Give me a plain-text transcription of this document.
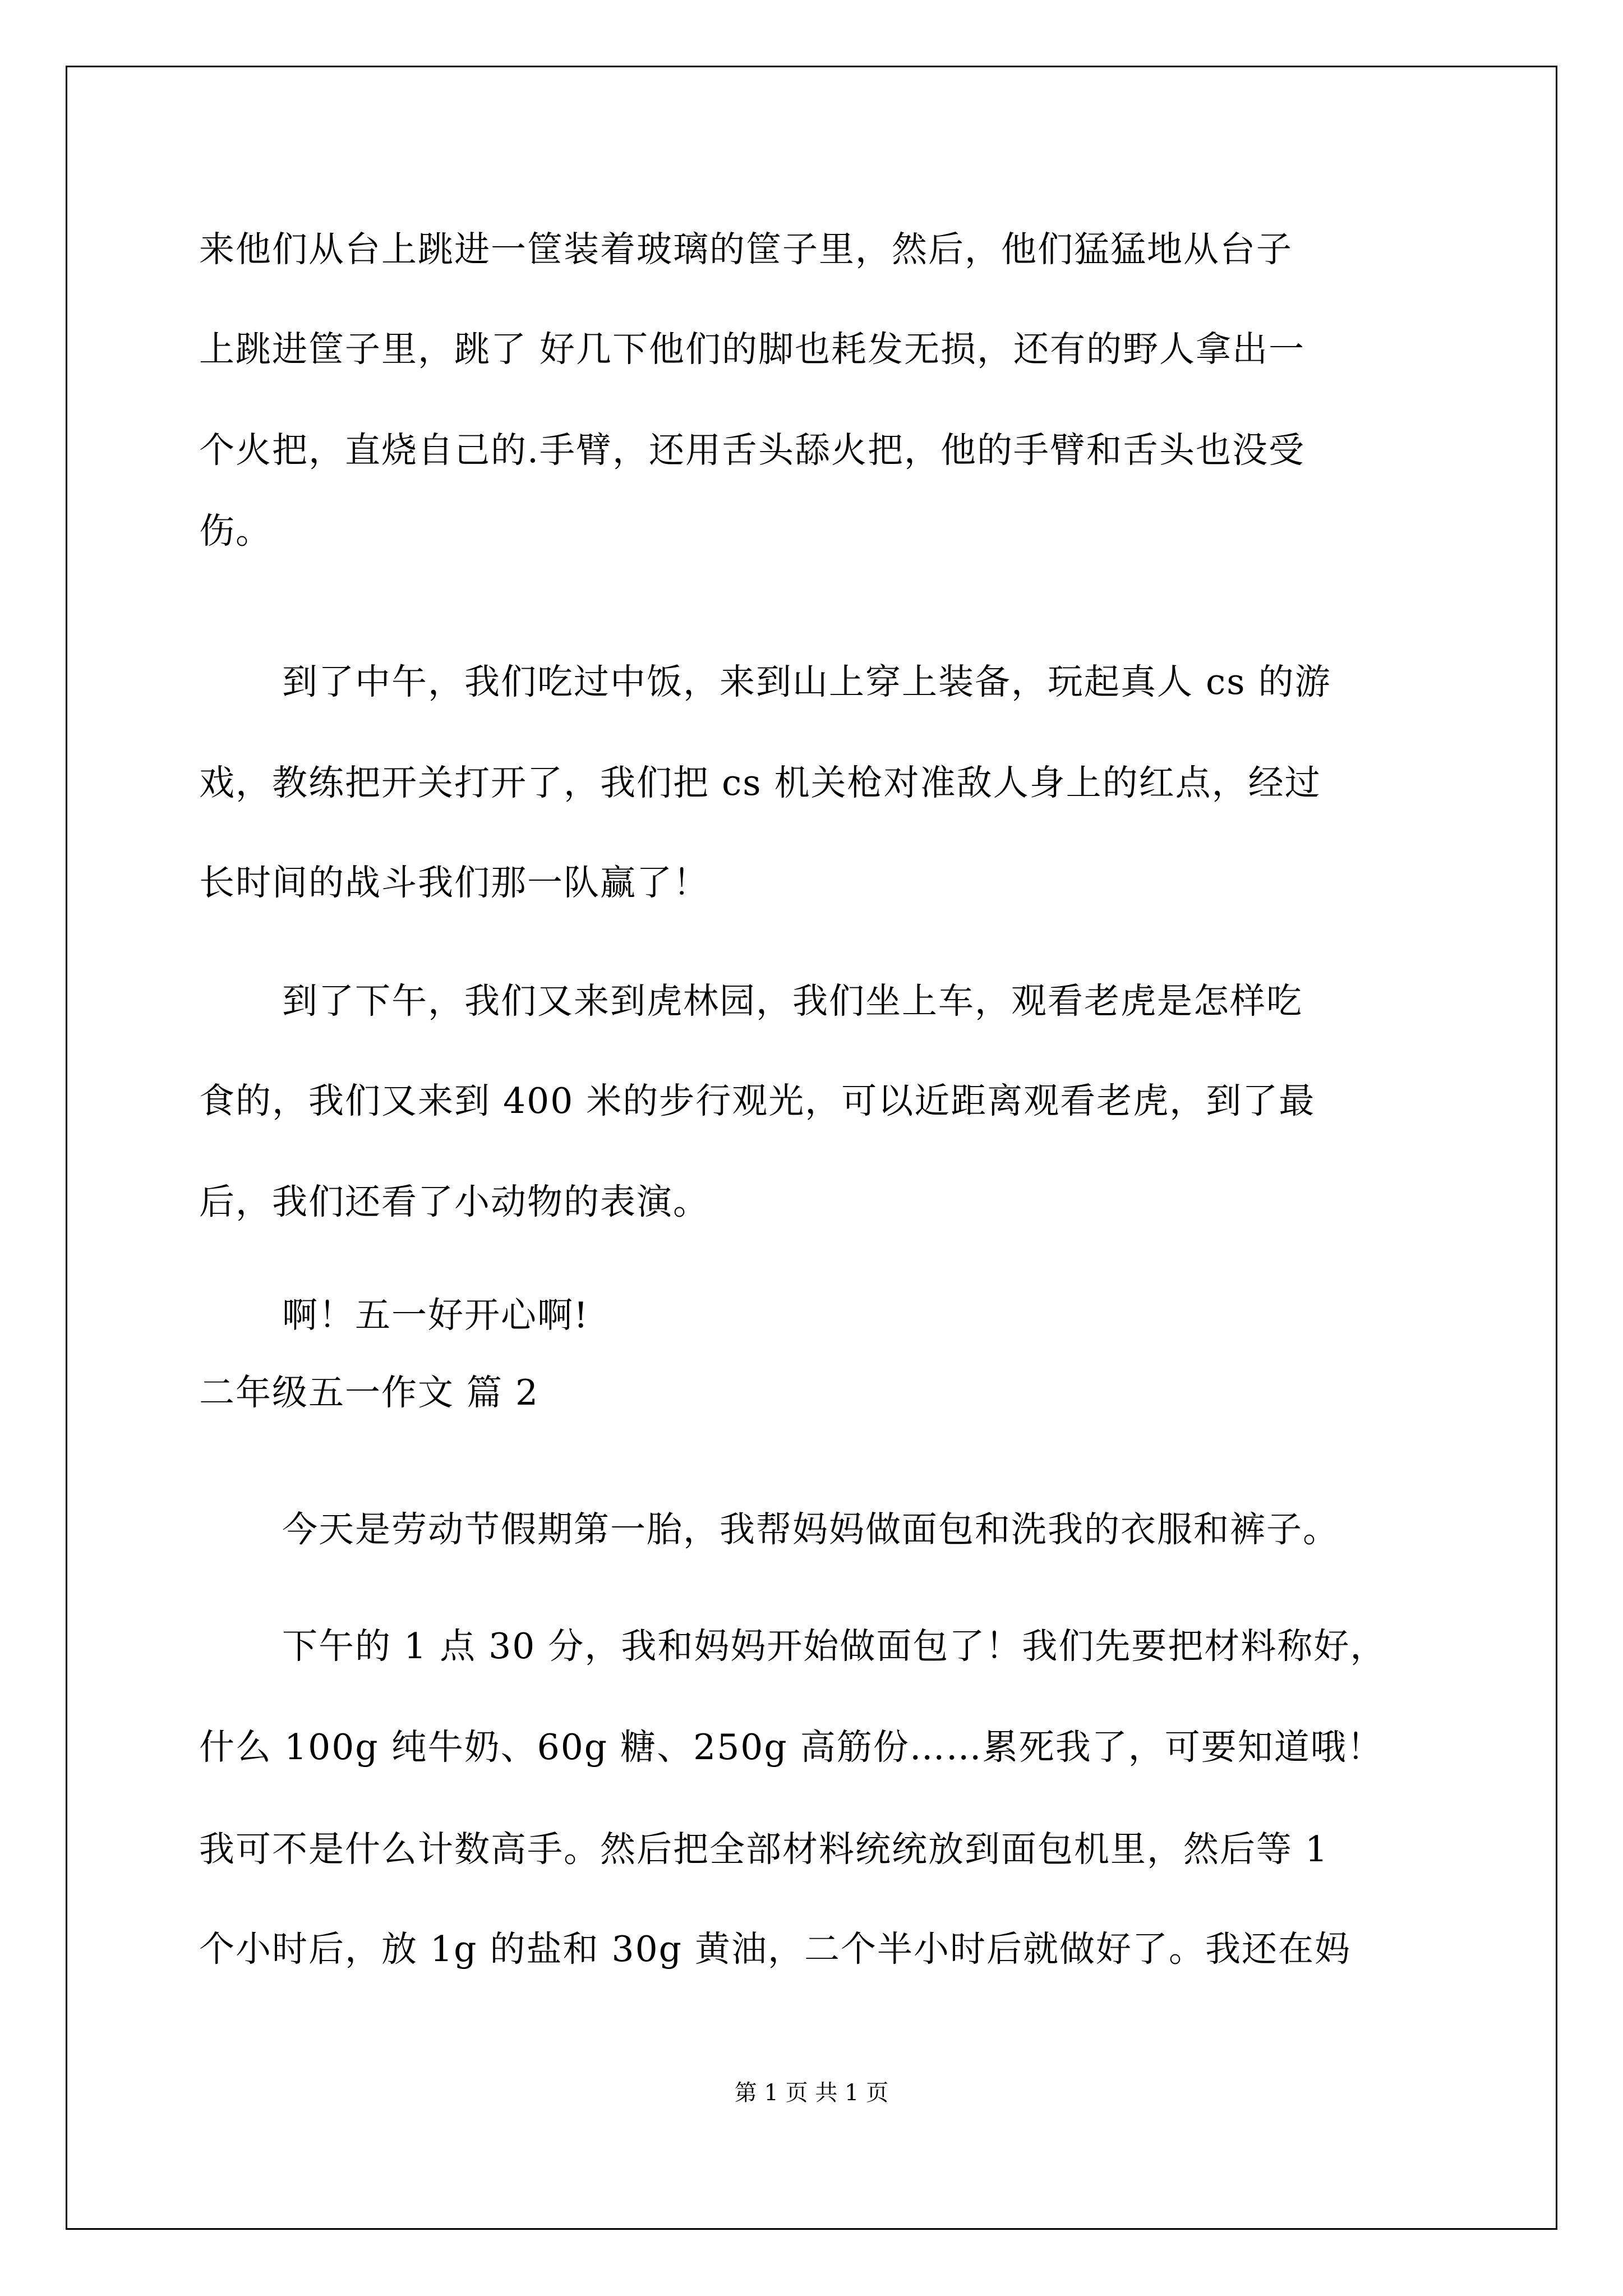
来他们从台上跳进一筐装着玻璃的筐子里，然后，他们猛猛地从台子
上跳进筐子里，跳了 好几下他们的脚也耗发无损，还有的野人拿出一
个火把，直烧自己的.手臂，还用舌头舔火把，他的手臂和舌头也没受
伤。
到了中午，我们吃过中饭，来到山上穿上装备，玩起真人 cs 的游
戏，教练把开关打开了，我们把 cs 机关枪对准敌人身上的红点，经过
长时间的战斗我们那一队赢了！
到了下午，我们又来到虎林园，我们坐上车，观看老虎是怎样吃
食的，我们又来到 400 米的步行观光，可以近距离观看老虎，到了最
后，我们还看了小动物的表演。
啊！五一好开心啊!
二年级五一作文 篇 2
今天是劳动节假期第一胎，我帮妈妈做面包和洗我的衣服和裤子。
下午的 1 点 30 分，我和妈妈开始做面包了！我们先要把材料称好，
什么 100g 纯牛奶、60g 糖、250g 高筋份……累死我了，可要知道哦！
我可不是什么计数高手。然后把全部材料统统放到面包机里，然后等 1
个小时后，放 1g 的盐和 30g 黄油，二个半小时后就做好了。我还在妈
第 1 页 共 1 页
